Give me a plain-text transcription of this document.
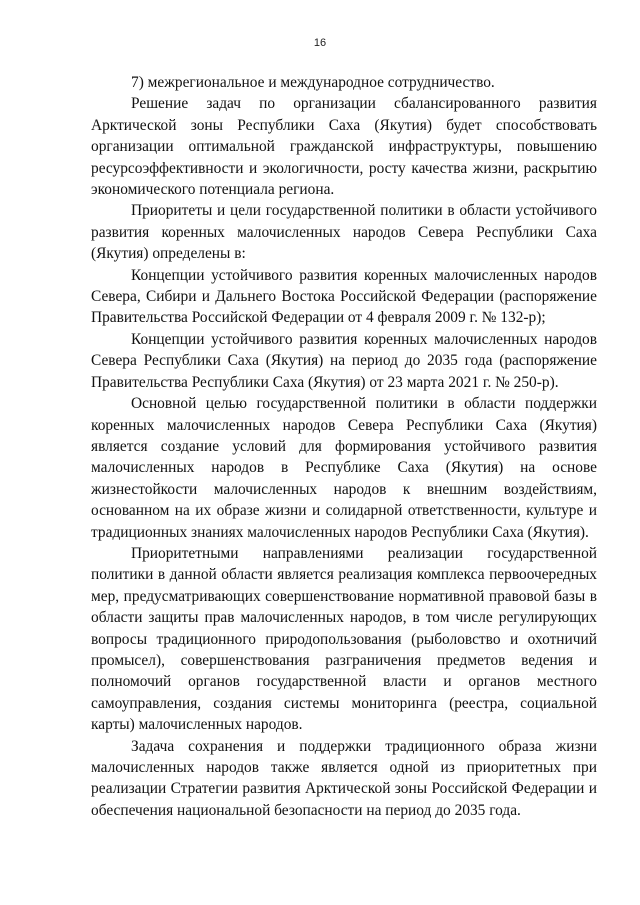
16

7) межрегиональное и международное сотрудничество.

Решение задач по организации сбалансированного развития Арктической зоны Республики Саха (Якутия) будет способствовать организации оптимальной гражданской инфраструктуры, повышению ресурсоэффективности и экологичности, росту качества жизни, раскрытию экономического потенциала региона.

Приоритеты и цели государственной политики в области устойчивого развития коренных малочисленных народов Севера Республики Саха (Якутия) определены в:

Концепции устойчивого развития коренных малочисленных народов Севера, Сибири и Дальнего Востока Российской Федерации (распоряжение Правительства Российской Федерации от 4 февраля 2009 г. № 132-р);

Концепции устойчивого развития коренных малочисленных народов Севера Республики Саха (Якутия) на период до 2035 года (распоряжение Правительства Республики Саха (Якутия) от 23 марта 2021 г. № 250-р).

Основной целью государственной политики в области поддержки коренных малочисленных народов Севера Республики Саха (Якутия) является создание условий для формирования устойчивого развития малочисленных народов в Республике Саха (Якутия) на основе жизнестойкости малочисленных народов к внешним воздействиям, основанном на их образе жизни и солидарной ответственности, культуре и традиционных знаниях малочисленных народов Республики Саха (Якутия).

Приоритетными направлениями реализации государственной политики в данной области является реализация комплекса первоочередных мер, предусматривающих совершенствование нормативной правовой базы в области защиты прав малочисленных народов, в том числе регулирующих вопросы традиционного природопользования (рыболовство и охотничий промысел), совершенствования разграничения предметов ведения и полномочий органов государственной власти и органов местного самоуправления, создания системы мониторинга (реестра, социальной карты) малочисленных народов.

Задача сохранения и поддержки традиционного образа жизни малочисленных народов также является одной из приоритетных при реализации Стратегии развития Арктической зоны Российской Федерации и обеспечения национальной безопасности на период до 2035 года.
